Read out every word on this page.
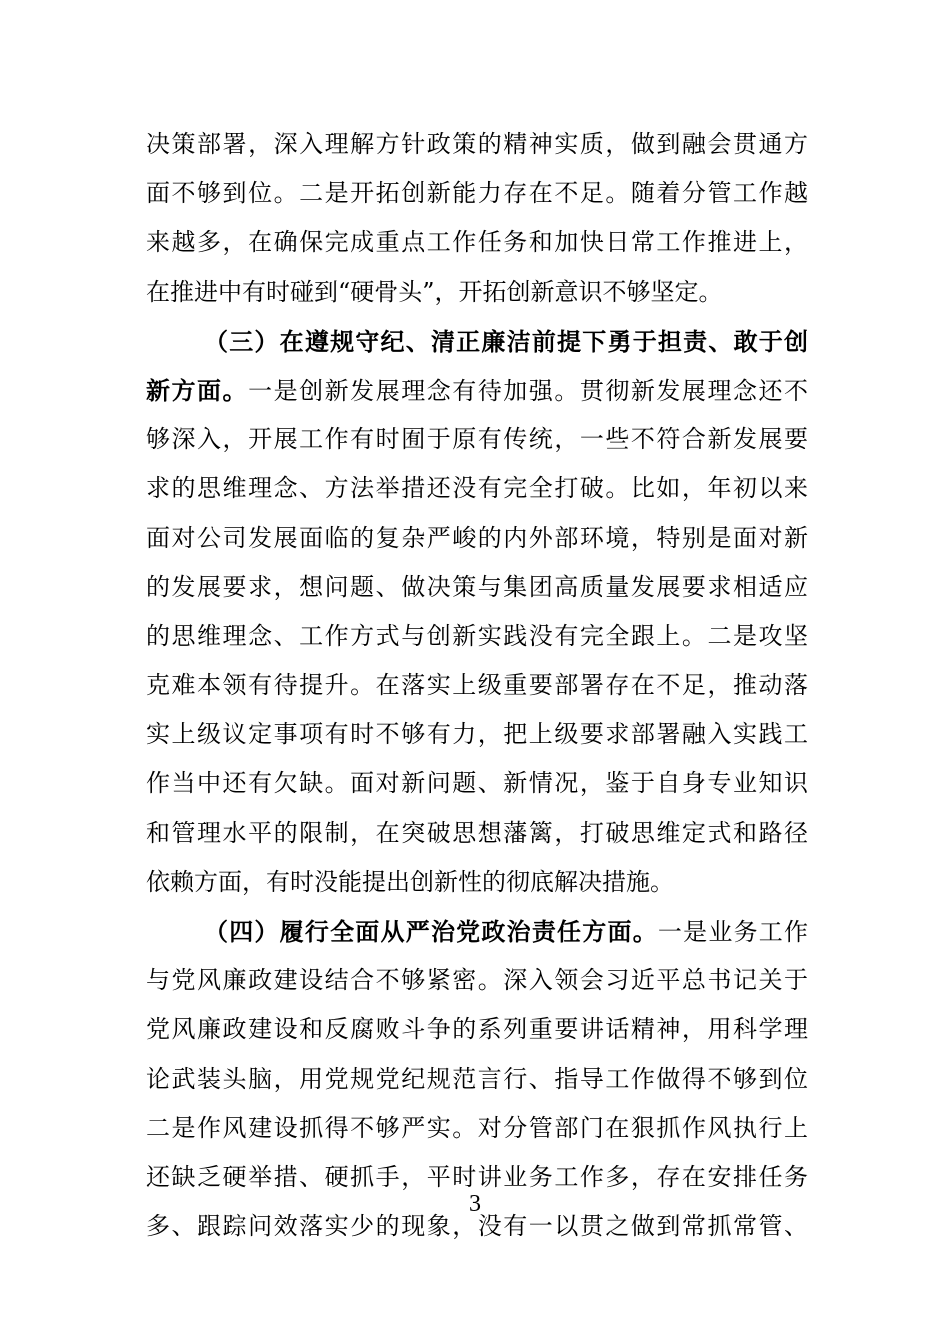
决策部署，深入理解方针政策的精神实质，做到融会贯通方
面不够到位。二是开拓创新能力存在不足。随着分管工作越
来越多，在确保完成重点工作任务和加快日常工作推进上，
在推进中有时碰到“硬骨头”，开拓创新意识不够坚定。
（三）在遵规守纪、清正廉洁前提下勇于担责、敢于创
新方面。一是创新发展理念有待加强。贯彻新发展理念还不
够深入，开展工作有时囿于原有传统，一些不符合新发展要
求的思维理念、方法举措还没有完全打破。比如，年初以来
面对公司发展面临的复杂严峻的内外部环境，特别是面对新
的发展要求，想问题、做决策与集团高质量发展要求相适应
的思维理念、工作方式与创新实践没有完全跟上。二是攻坚
克难本领有待提升。在落实上级重要部署存在不足，推动落
实上级议定事项有时不够有力，把上级要求部署融入实践工
作当中还有欠缺。面对新问题、新情况，鉴于自身专业知识
和管理水平的限制，在突破思想藩篱，打破思维定式和路径
依赖方面，有时没能提出创新性的彻底解决措施。
（四）履行全面从严治党政治责任方面。一是业务工作
与党风廉政建设结合不够紧密。深入领会习近平总书记关于
党风廉政建设和反腐败斗争的系列重要讲话精神，用科学理
论武装头脑，用党规党纪规范言行、指导工作做得不够到位
二是作风建设抓得不够严实。对分管部门在狠抓作风执行上
还缺乏硬举措、硬抓手，平时讲业务工作多，存在安排任务
多、跟踪问效落实少的现象，没有一以贯之做到常抓常管、
3
